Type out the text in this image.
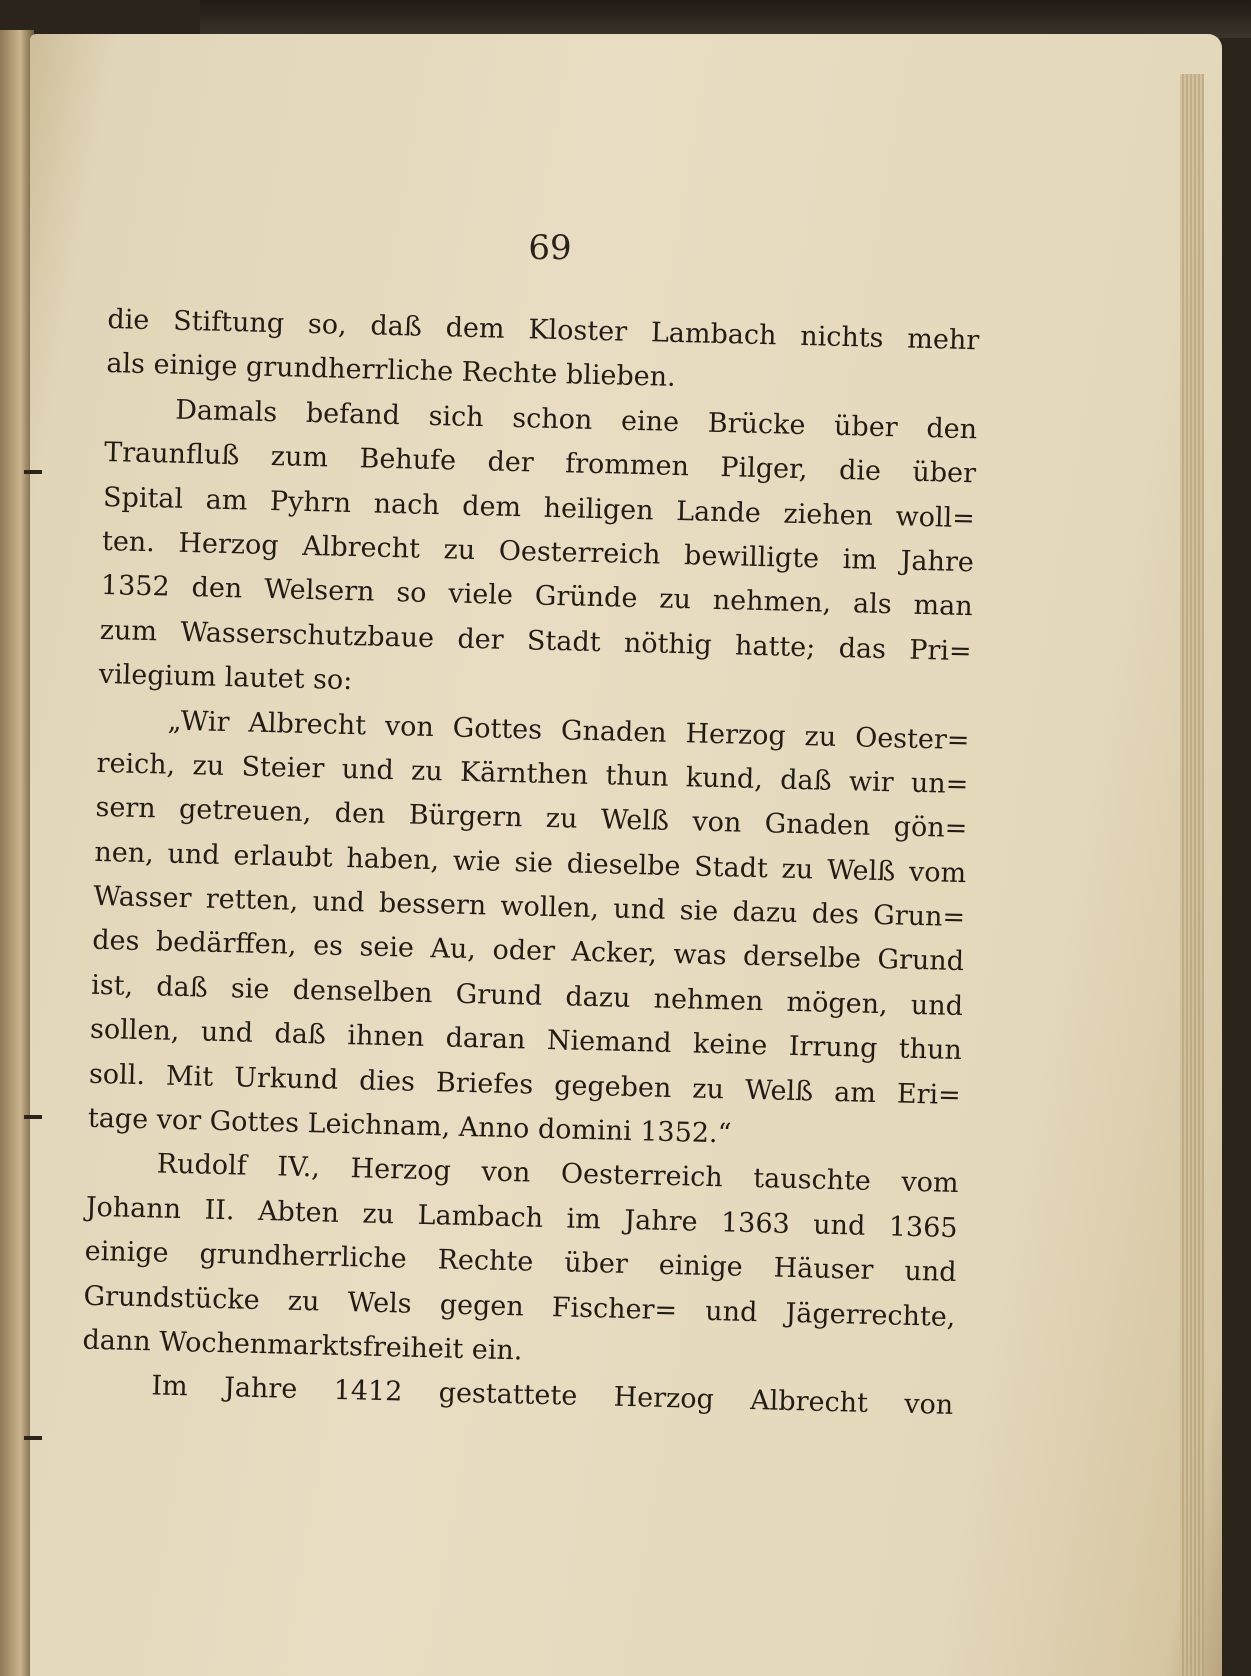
69
die Stiftung so, daß dem Kloster Lambach nichts mehr
als einige grundherrliche Rechte blieben.
Damals befand sich schon eine Brücke über den
Traunfluß zum Behufe der frommen Pilger, die über
Spital am Pyhrn nach dem heiligen Lande ziehen woll=
ten. Herzog Albrecht zu Oesterreich bewilligte im Jahre
1352 den Welsern so viele Gründe zu nehmen, als man
zum Wasserschutzbaue der Stadt nöthig hatte; das Pri=
vilegium lautet so:
„Wir Albrecht von Gottes Gnaden Herzog zu Oester=
reich, zu Steier und zu Kärnthen thun kund, daß wir un=
sern getreuen, den Bürgern zu Welß von Gnaden gön=
nen, und erlaubt haben, wie sie dieselbe Stadt zu Welß vom
Wasser retten, und bessern wollen, und sie dazu des Grun=
des bedärffen, es seie Au, oder Acker, was derselbe Grund
ist, daß sie denselben Grund dazu nehmen mögen, und
sollen, und daß ihnen daran Niemand keine Irrung thun
soll. Mit Urkund dies Briefes gegeben zu Welß am Eri=
tage vor Gottes Leichnam, Anno domini 1352.“
Rudolf IV., Herzog von Oesterreich tauschte vom
Johann II. Abten zu Lambach im Jahre 1363 und 1365
einige grundherrliche Rechte über einige Häuser und
Grundstücke zu Wels gegen Fischer= und Jägerrechte,
dann Wochenmarktsfreiheit ein.
Im Jahre 1412 gestattete Herzog Albrecht von
